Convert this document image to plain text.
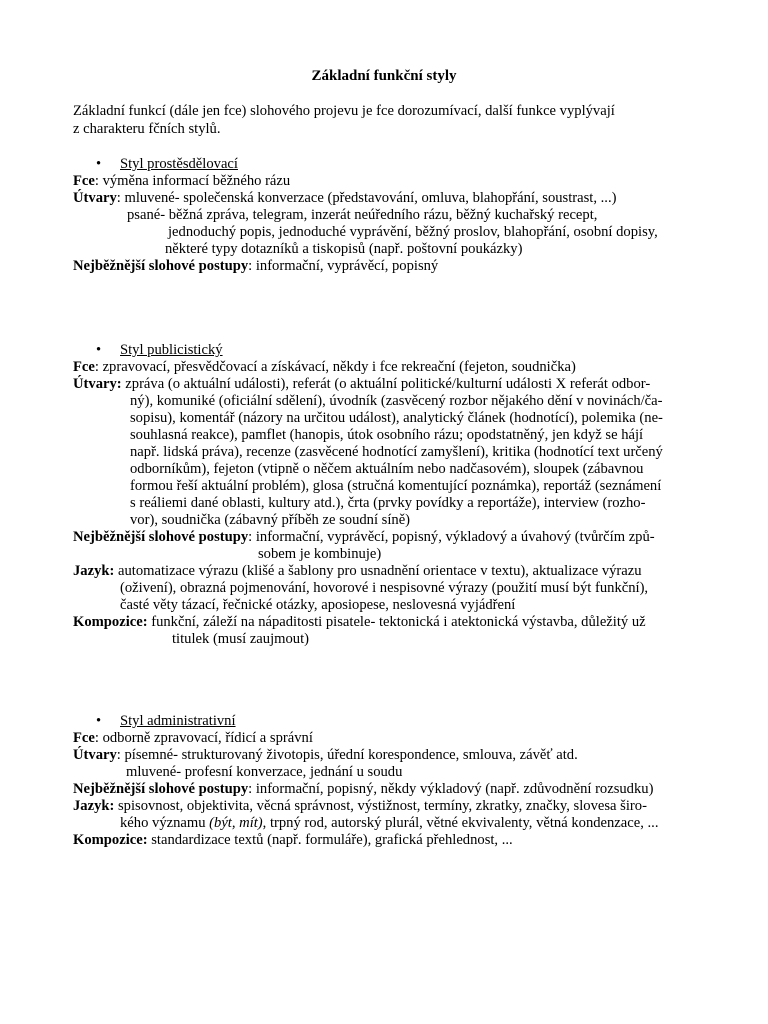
Základní funkční styly
Základní funkcí (dále jen fce) slohového projevu je fce dorozumívací, další funkce vyplývají
z charakteru fčních stylů.
• Styl prostěsdělovací
Fce: výměna informací běžného rázu
Útvary: mluvené- společenská konverzace (představování, omluva, blahopřání, soustrast, ...)
psané- běžná zpráva, telegram, inzerát neúředního rázu, běžný kuchařský recept,
jednoduchý popis, jednoduché vyprávění, běžný proslov, blahopřání, osobní dopisy,
některé typy dotazníků a tiskopisů (např. poštovní poukázky)
Nejběžnější slohové postupy: informační, vyprávěcí, popisný
• Styl publicistický
Fce: zpravovací, přesvědčovací a získávací, někdy i fce rekreační (fejeton, soudnička)
Útvary: zpráva (o aktuální události), referát (o aktuální politické/kulturní události X referát odbor-
ný), komuniké (oficiální sdělení), úvodník (zasvěcený rozbor nějakého dění v novinách/ča-
sopisu), komentář (názory na určitou událost), analytický článek (hodnotící), polemika (ne-
souhlasná reakce), pamflet (hanopis, útok osobního rázu; opodstatněný, jen když se hájí
např. lidská práva), recenze (zasvěcené hodnotící zamyšlení), kritika (hodnotící text určený
odborníkům), fejeton (vtipně o něčem aktuálním nebo nadčasovém), sloupek (zábavnou
formou řeší aktuální problém), glosa (stručná komentující poznámka), reportáž (seznámení
s reáliemi dané oblasti, kultury atd.), črta (prvky povídky a reportáže), interview (rozho-
vor), soudnička (zábavný příběh ze soudní síně)
Nejběžnější slohové postupy: informační, vyprávěcí, popisný, výkladový a úvahový (tvůrčím způ-
sobem je kombinuje)
Jazyk: automatizace výrazu (klišé a šablony pro usnadnění orientace v textu), aktualizace výrazu
(oživení), obrazná pojmenování, hovorové i nespisovné výrazy (použití musí být funkční),
časté věty tázací, řečnické otázky, aposiopese, neslovesná vyjádření
Kompozice: funkční, záleží na nápaditosti pisatele- tektonická i atektonická výstavba, důležitý už
titulek (musí zaujmout)
• Styl administrativní
Fce: odborně zpravovací, řídicí a správní
Útvary: písemné- strukturovaný životopis, úřední korespondence, smlouva, závěť atd.
mluvené- profesní konverzace, jednání u soudu
Nejběžnější slohové postupy: informační, popisný, někdy výkladový (např. zdůvodnění rozsudku)
Jazyk: spisovnost, objektivita, věcná správnost, výstižnost, termíny, zkratky, značky, slovesa širo-
kého významu (být, mít), trpný rod, autorský plurál, větné ekvivalenty, větná kondenzace, ...
Kompozice: standardizace textů (např. formuláře), grafická přehlednost, ...
